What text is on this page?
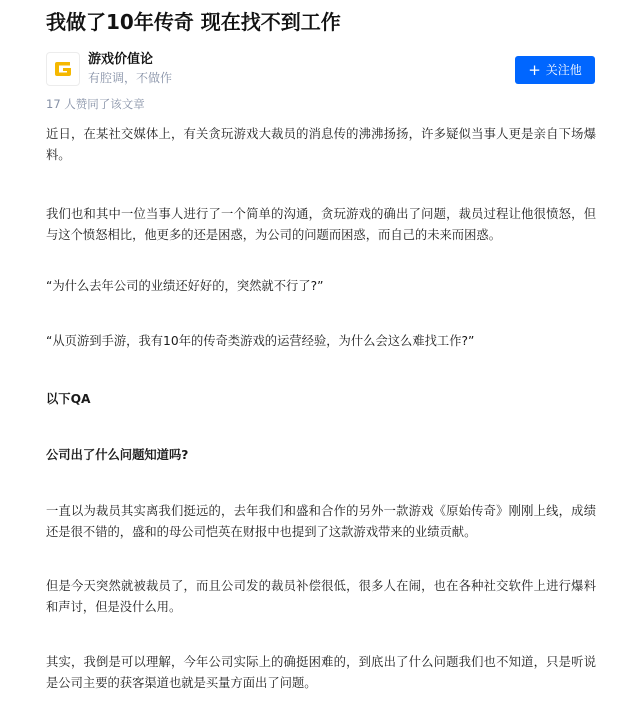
我做了10年传奇 现在找不到工作
游戏价值论
有腔调，不做作	+ 关注他
17 人赞同了该文章

近日，在某社交媒体上，有关贪玩游戏大裁员的消息传的沸沸扬扬，许多疑似当事人更是亲自下场爆料。

我们也和其中一位当事人进行了一个简单的沟通，贪玩游戏的确出了问题，裁员过程让他很愤怒，但与这个愤怒相比，他更多的还是困惑，为公司的问题而困惑，而自己的未来而困惑。

“为什么去年公司的业绩还好好的，突然就不行了?”

“从页游到手游，我有10年的传奇类游戏的运营经验，为什么会这么难找工作?”

以下QA

公司出了什么问题知道吗?

一直以为裁员其实离我们挺远的，去年我们和盛和合作的另外一款游戏《原始传奇》刚刚上线，成绩还是很不错的，盛和的母公司恺英在财报中也提到了这款游戏带来的业绩贡献。

但是今天突然就被裁员了，而且公司发的裁员补偿很低，很多人在闹，也在各种社交软件上进行爆料和声讨，但是没什么用。

其实，我倒是可以理解，今年公司实际上的确挺困难的，到底出了什么问题我们也不知道，只是听说是公司主要的获客渠道也就是买量方面出了问题。
